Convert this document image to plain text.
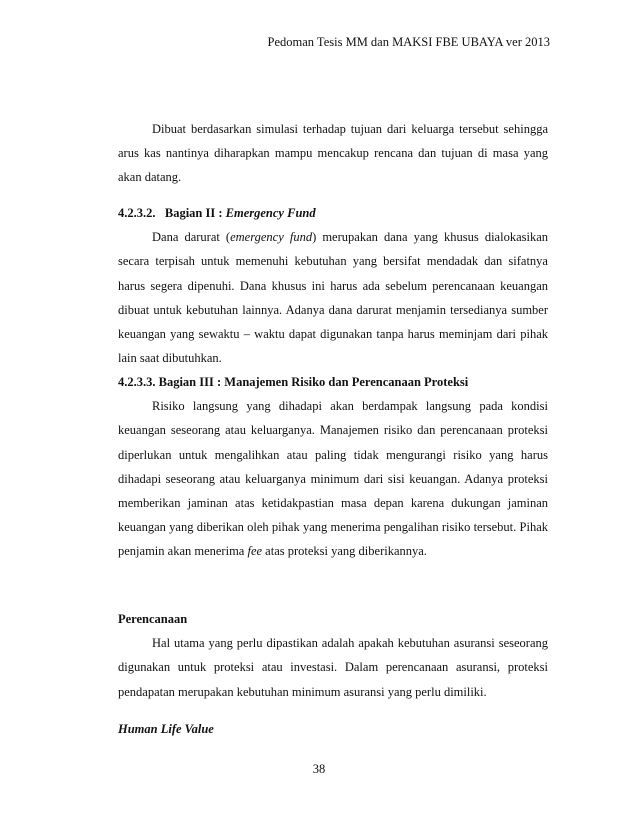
Pedoman Tesis MM dan MAKSI FBE UBAYA ver 2013

Dibuat berdasarkan simulasi terhadap tujuan dari keluarga tersebut sehingga arus kas nantinya diharapkan mampu mencakup rencana dan tujuan di masa yang akan datang.

4.2.3.2. Bagian II : Emergency Fund

Dana darurat (emergency fund) merupakan dana yang khusus dialokasikan secara terpisah untuk memenuhi kebutuhan yang bersifat mendadak dan sifatnya harus segera dipenuhi. Dana khusus ini harus ada sebelum perencanaan keuangan dibuat untuk kebutuhan lainnya. Adanya dana darurat menjamin tersedianya sumber keuangan yang sewaktu – waktu dapat digunakan tanpa harus meminjam dari pihak lain saat dibutuhkan.

4.2.3.3. Bagian III : Manajemen Risiko dan Perencanaan Proteksi

Risiko langsung yang dihadapi akan berdampak langsung pada kondisi keuangan seseorang atau keluarganya. Manajemen risiko dan perencanaan proteksi diperlukan untuk mengalihkan atau paling tidak mengurangi risiko yang harus dihadapi seseorang atau keluarganya minimum dari sisi keuangan. Adanya proteksi memberikan jaminan atas ketidakpastian masa depan karena dukungan jaminan keuangan yang diberikan oleh pihak yang menerima pengalihan risiko tersebut. Pihak penjamin akan menerima fee atas proteksi yang diberikannya.

Perencanaan

Hal utama yang perlu dipastikan adalah apakah kebutuhan asuransi seseorang digunakan untuk proteksi atau investasi. Dalam perencanaan asuransi, proteksi pendapatan merupakan kebutuhan minimum asuransi yang perlu dimiliki.

Human Life Value

38
